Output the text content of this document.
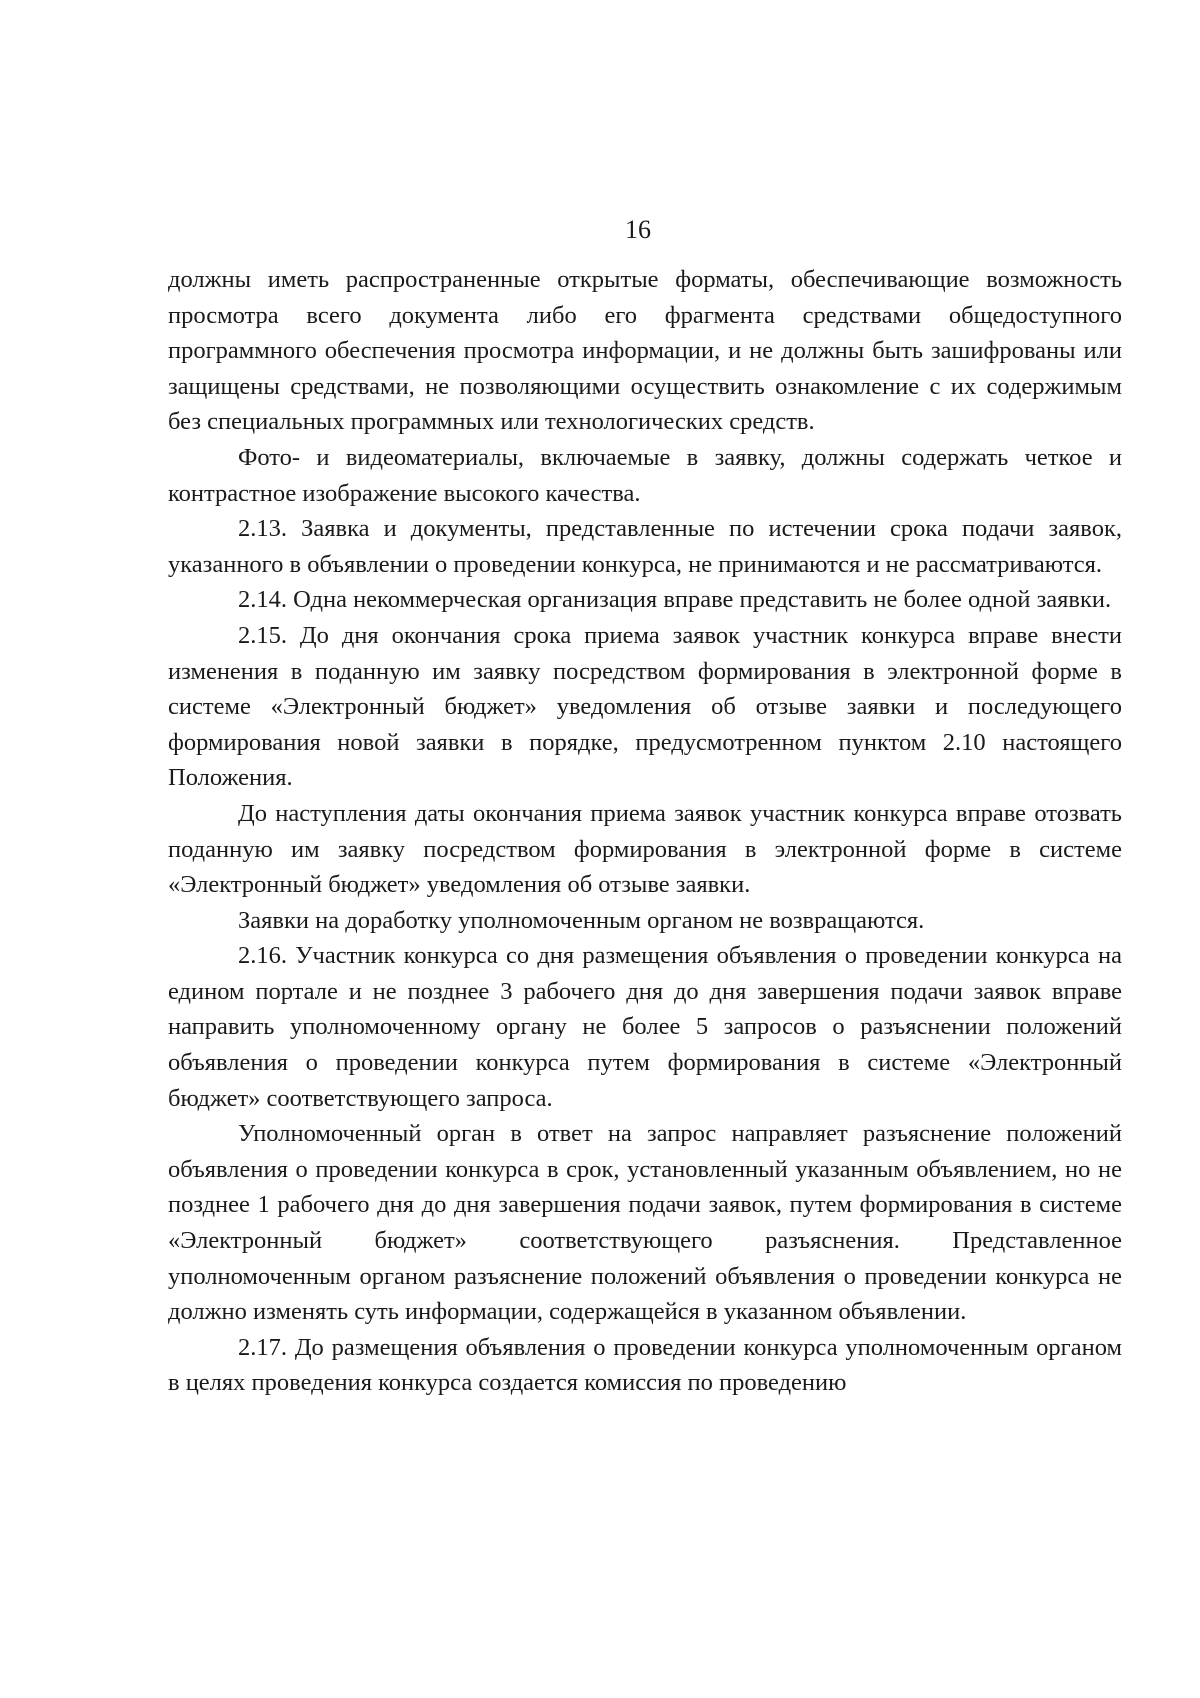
16

должны иметь распространенные открытые форматы, обеспечивающие возможность просмотра всего документа либо его фрагмента средствами общедоступного программного обеспечения просмотра информации, и не должны быть зашифрованы или защищены средствами, не позволяющими осуществить ознакомление с их содержимым без специальных программных или технологических средств.

Фото- и видеоматериалы, включаемые в заявку, должны содержать четкое и контрастное изображение высокого качества.

2.13. Заявка и документы, представленные по истечении срока подачи заявок, указанного в объявлении о проведении конкурса, не принимаются и не рассматриваются.

2.14. Одна некоммерческая организация вправе представить не более одной заявки.

2.15. До дня окончания срока приема заявок участник конкурса вправе внести изменения в поданную им заявку посредством формирования в электронной форме в системе «Электронный бюджет» уведомления об отзыве заявки и последующего формирования новой заявки в порядке, предусмотренном пунктом 2.10 настоящего Положения.

До наступления даты окончания приема заявок участник конкурса вправе отозвать поданную им заявку посредством формирования в электронной форме в системе «Электронный бюджет» уведомления об отзыве заявки.

Заявки на доработку уполномоченным органом не возвращаются.

2.16. Участник конкурса со дня размещения объявления о проведении конкурса на едином портале и не позднее 3 рабочего дня до дня завершения подачи заявок вправе направить уполномоченному органу не более 5 запросов о разъяснении положений объявления о проведении конкурса путем формирования в системе «Электронный бюджет» соответствующего запроса.

Уполномоченный орган в ответ на запрос направляет разъяснение положений объявления о проведении конкурса в срок, установленный указанным объявлением, но не позднее 1 рабочего дня до дня завершения подачи заявок, путем формирования в системе «Электронный бюджет» соответствующего разъяснения. Представленное уполномоченным органом разъяснение положений объявления о проведении конкурса не должно изменять суть информации, содержащейся в указанном объявлении.

2.17. До размещения объявления о проведении конкурса уполномоченным органом в целях проведения конкурса создается комиссия по проведению
